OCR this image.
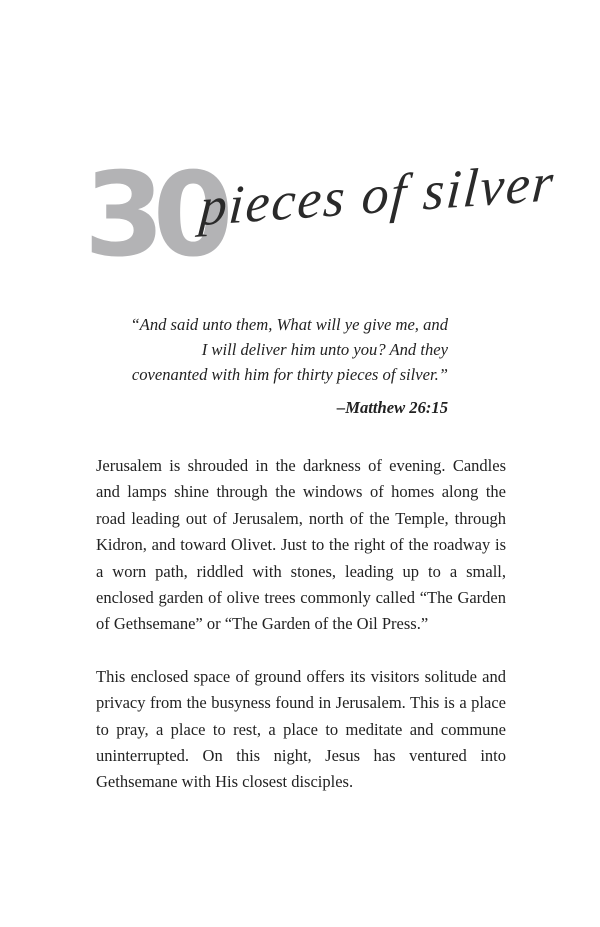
30
pieces of silver

“And said unto them, What will ye give me, and I will deliver him unto you? And they covenanted with him for thirty pieces of silver.”

–Matthew 26:15

Jerusalem is shrouded in the darkness of evening. Candles and lamps shine through the windows of homes along the road leading out of Jerusalem, north of the Temple, through Kidron, and toward Olivet. Just to the right of the roadway is a worn path, riddled with stones, leading up to a small, enclosed garden of olive trees commonly called “The Garden of Gethsemane” or “The Garden of the Oil Press.”

This enclosed space of ground offers its visitors solitude and privacy from the busyness found in Jerusalem. This is a place to pray, a place to rest, a place to meditate and commune uninterrupted. On this night, Jesus has ventured into Gethsemane with His closest disciples.
